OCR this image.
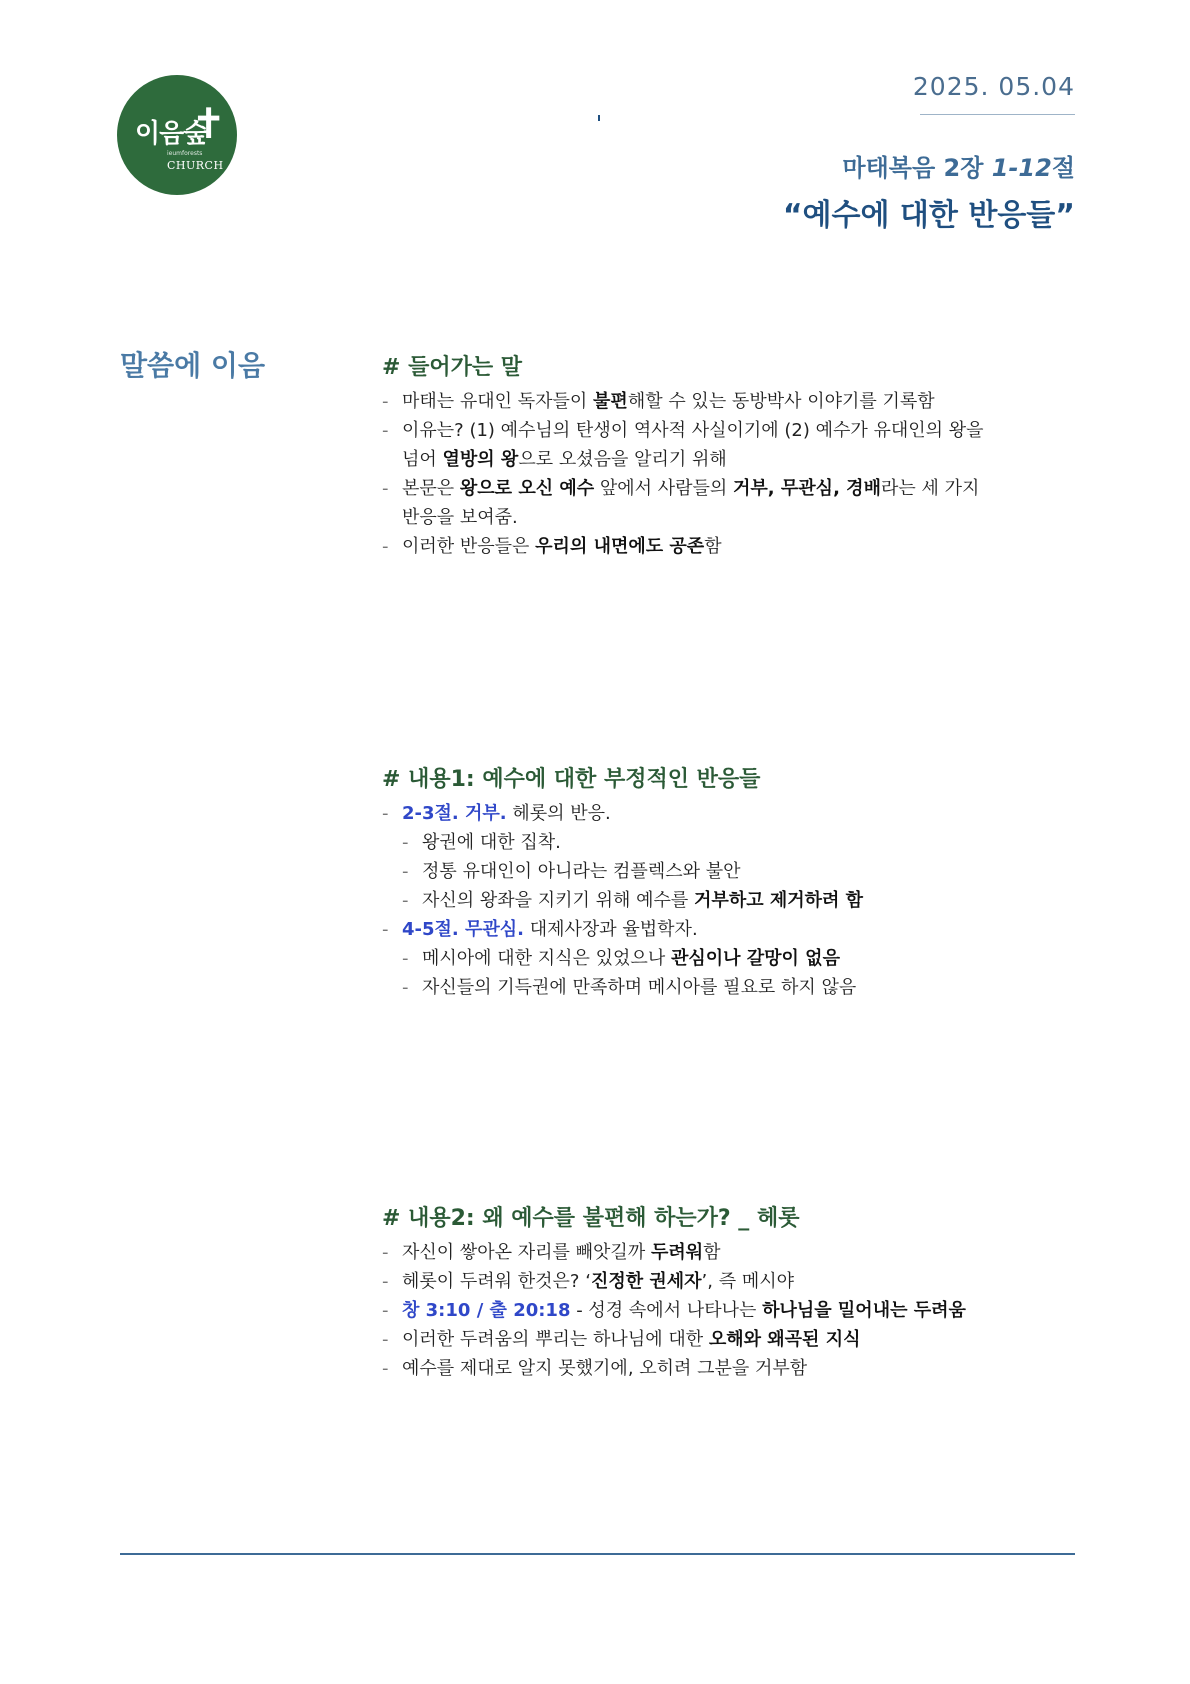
이음숲
✝
ieumforests
CHURCH
2025. 05.04
마태복음 2장 1-12절
“예수에 대한 반응들”
말씀에 이음	# 들어가는 말
- 마태는 유대인 독자들이 불편해할 수 있는 동방박사 이야기를 기록함
- 이유는? (1) 예수님의 탄생이 역사적 사실이기에 (2) 예수가 유대인의 왕을
넘어 열방의 왕으로 오셨음을 알리기 위해
- 본문은 왕으로 오신 예수 앞에서 사람들의 거부, 무관심, 경배라는 세 가지
반응을 보여줌.
- 이러한 반응들은 우리의 내면에도 공존함
# 내용1: 예수에 대한 부정적인 반응들
- 2-3절. 거부. 헤롯의 반응.
- 왕권에 대한 집착.
- 정통 유대인이 아니라는 컴플렉스와 불안
- 자신의 왕좌을 지키기 위해 예수를 거부하고 제거하려 함
- 4-5절. 무관심. 대제사장과 율법학자.
- 메시아에 대한 지식은 있었으나 관심이나 갈망이 없음
- 자신들의 기득권에 만족하며 메시아를 필요로 하지 않음
# 내용2: 왜 예수를 불편해 하는가? _ 헤롯
- 자신이 쌓아온 자리를 빼앗길까 두려워함
- 헤롯이 두려워 한것은? ‘진정한 권세자’, 즉 메시야
- 창 3:10 / 출 20:18 - 성경 속에서 나타나는 하나님을 밀어내는 두려움
- 이러한 두려움의 뿌리는 하나님에 대한 오해와 왜곡된 지식
- 예수를 제대로 알지 못했기에, 오히려 그분을 거부함
